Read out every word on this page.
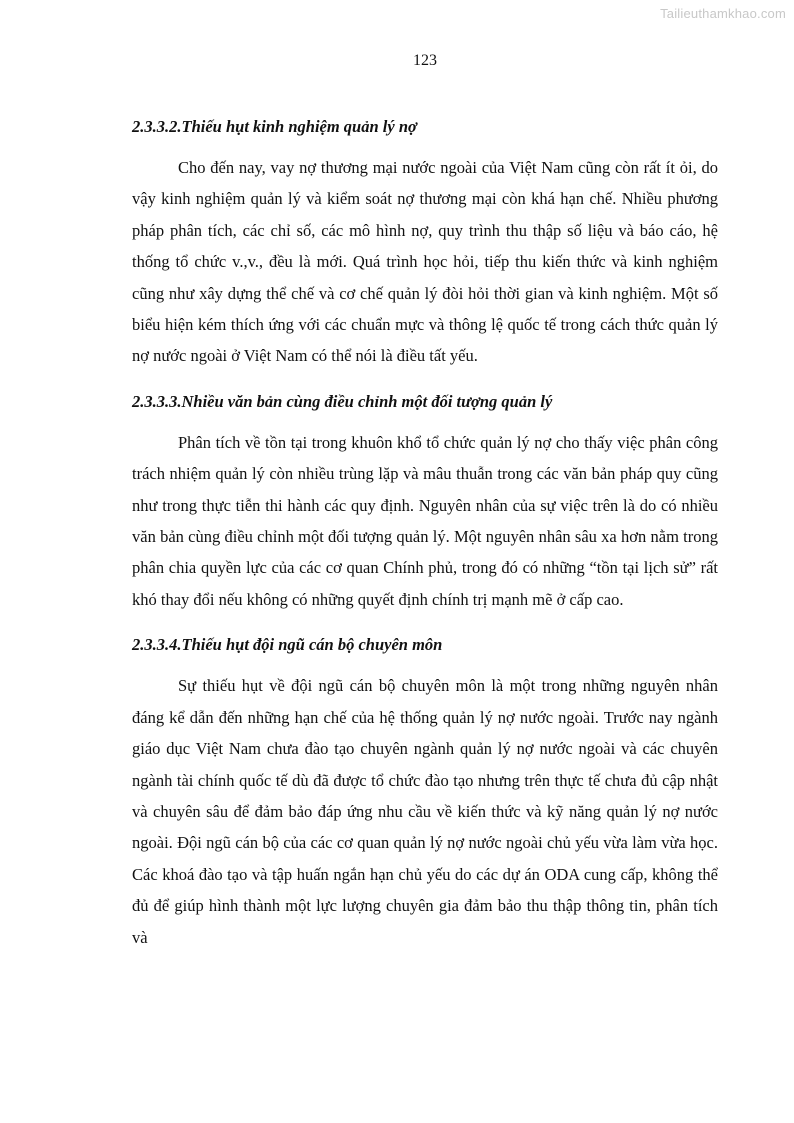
Tailieuthamkhao.com
123

2.3.3.2.Thiếu hụt kinh nghiệm quản lý nợ

Cho đến nay, vay nợ thương mại nước ngoài của Việt Nam cũng còn rất ít ỏi, do vậy kinh nghiệm quản lý và kiểm soát nợ thương mại còn khá hạn chế. Nhiều phương pháp phân tích, các chỉ số, các mô hình nợ, quy trình thu thập số liệu và báo cáo, hệ thống tổ chức v.,v., đều là mới. Quá trình học hỏi, tiếp thu kiến thức và kinh nghiệm cũng như xây dựng thể chế và cơ chế quản lý đòi hỏi thời gian và kinh nghiệm. Một số biểu hiện kém thích ứng với các chuẩn mực và thông lệ quốc tế trong cách thức quản lý nợ nước ngoài ở Việt Nam có thể nói là điều tất yếu.

2.3.3.3.Nhiều văn bản cùng điều chỉnh một đối tượng quản lý

Phân tích về tồn tại trong khuôn khổ tổ chức quản lý nợ cho thấy việc phân công trách nhiệm quản lý còn nhiều trùng lặp và mâu thuẫn trong các văn bản pháp quy cũng như trong thực tiễn thi hành các quy định. Nguyên nhân của sự việc trên là do có nhiều văn bản cùng điều chỉnh một đối tượng quản lý. Một nguyên nhân sâu xa hơn nằm trong phân chia quyền lực của các cơ quan Chính phủ, trong đó có những “tồn tại lịch sử” rất khó thay đổi nếu không có những quyết định chính trị mạnh mẽ ở cấp cao.

2.3.3.4.Thiếu hụt đội ngũ cán bộ chuyên môn

Sự thiếu hụt về đội ngũ cán bộ chuyên môn là một trong những nguyên nhân đáng kể dẫn đến những hạn chế của hệ thống quản lý nợ nước ngoài. Trước nay ngành giáo dục Việt Nam chưa đào tạo chuyên ngành quản lý nợ nước ngoài và các chuyên ngành tài chính quốc tế dù đã được tổ chức đào tạo nhưng trên thực tế chưa đủ cập nhật và chuyên sâu để đảm bảo đáp ứng nhu cầu về kiến thức và kỹ năng quản lý nợ nước ngoài. Đội ngũ cán bộ của các cơ quan quản lý nợ nước ngoài chủ yếu vừa làm vừa học. Các khoá đào tạo và tập huấn ngắn hạn chủ yếu do các dự án ODA cung cấp, không thể đủ để giúp hình thành một lực lượng chuyên gia đảm bảo thu thập thông tin, phân tích và
